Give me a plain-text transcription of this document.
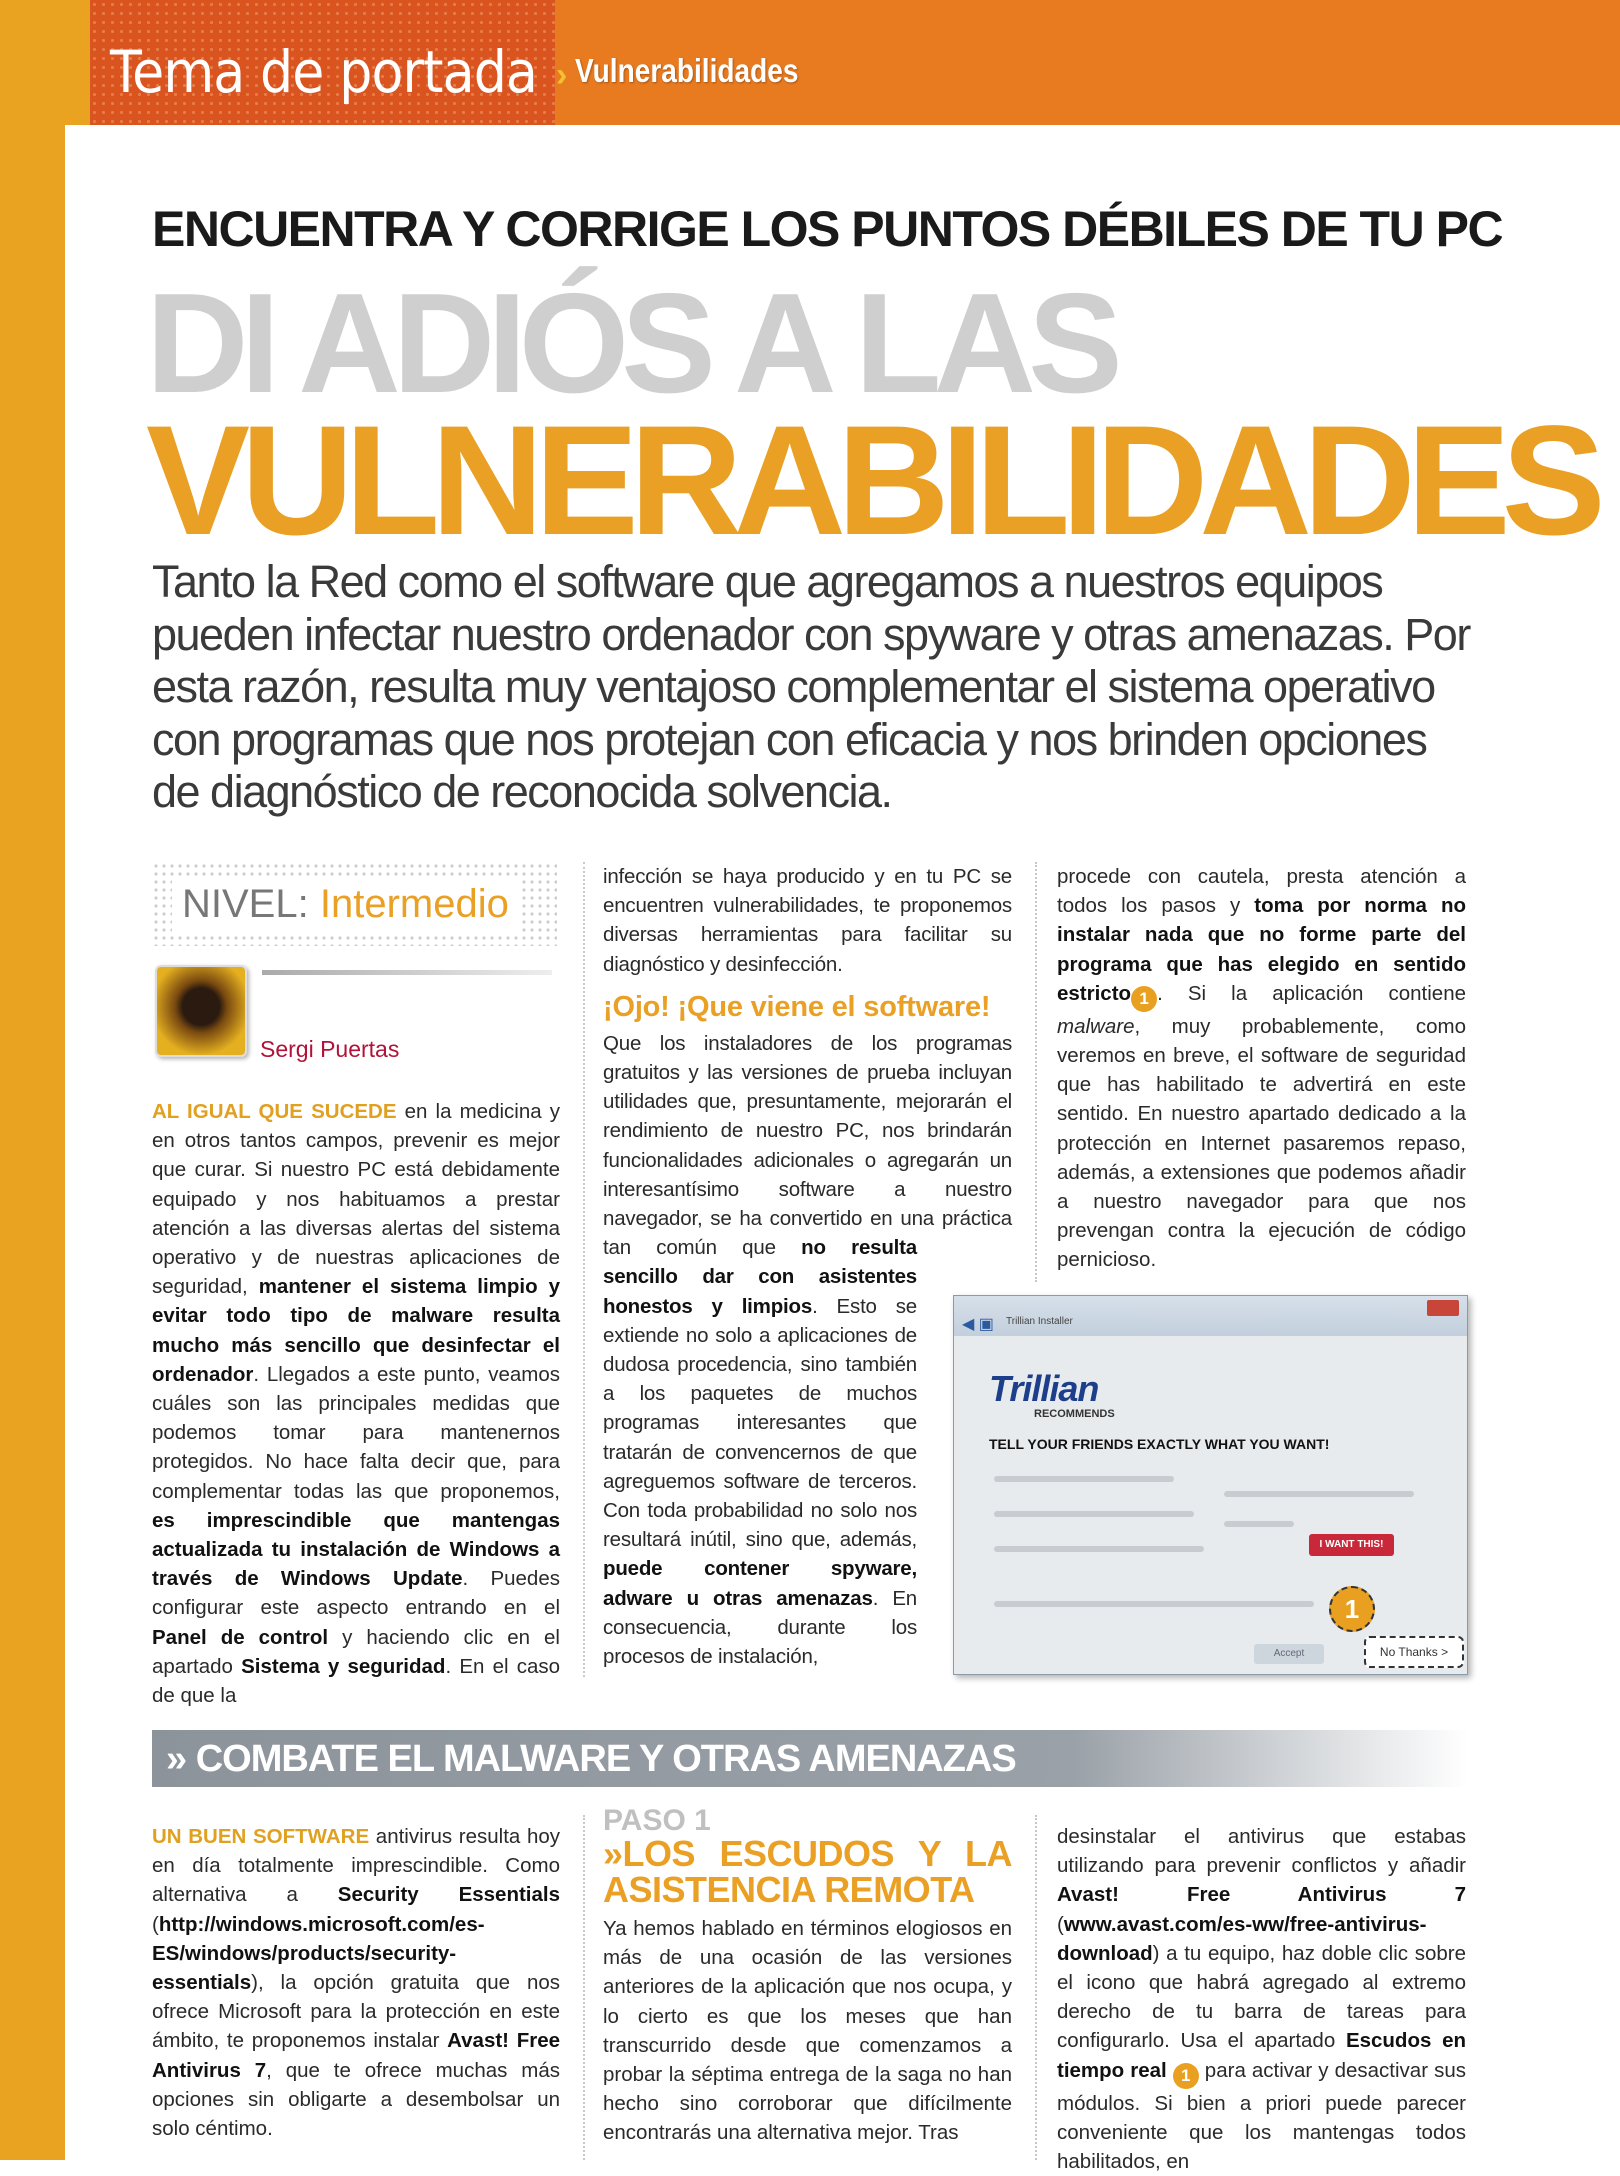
Tema de portada › Vulnerabilidades
ENCUENTRA Y CORRIGE LOS PUNTOS DÉBILES DE TU PC
DI ADIÓS A LAS
VULNERABILIDADES
Tanto la Red como el software que agregamos a nuestros equipos pueden infectar nuestro ordenador con spyware y otras amenazas. Por esta razón, resulta muy ventajoso complementar el sistema operativo con programas que nos protejan con eficacia y nos brinden opciones de diagnóstico de reconocida solvencia.
NIVEL: Intermedio
Sergi Puertas

AL IGUAL QUE SUCEDE en la medicina y en otros tantos campos, prevenir es mejor que curar. Si nuestro PC está debidamente equipado y nos habituamos a prestar atención a las diversas alertas del sistema operativo y de nuestras aplicaciones de seguridad, mantener el sistema limpio y evitar todo tipo de malware resulta mucho más sencillo que desinfectar el ordenador. Llegados a este punto, veamos cuáles son las principales medidas que podemos tomar para mantenernos protegidos. No hace falta decir que, para complementar todas las que proponemos, es imprescindible que mantengas actualizada tu instalación de Windows a través de Windows Update. Puedes configurar este aspecto entrando en el Panel de control y haciendo clic en el apartado Sistema y seguridad. En el caso de que la

infección se haya producido y en tu PC se encuentren vulnerabilidades, te proponemos diversas herramientas para facilitar su diagnóstico y desinfección.

¡Ojo! ¡Que viene el software!

Que los instaladores de los programas gratuitos y las versiones de prueba incluyan utilidades que, presuntamente, mejorarán el rendimiento de nuestro PC, nos brindarán funcionalidades adicionales o agregarán un interesantísimo software a nuestro navegador, se ha convertido en una práctica tan común que no resulta sencillo dar con asistentes honestos y limpios. Esto se extiende no solo a aplicaciones de dudosa procedencia, sino también a los paquetes de muchos programas interesantes que tratarán de convencernos de que agreguemos software de terceros. Con toda probabilidad no solo nos resultará inútil, sino que, además, puede contener spyware, adware u otras amenazas. En consecuencia, durante los procesos de instalación,

procede con cautela, presta atención a todos los pasos y toma por norma no instalar nada que no forme parte del programa que has elegido en sentido estricto 1 . Si la aplicación contiene malware, muy probablemente, como veremos en breve, el software de seguridad que has habilitado te advertirá en este sentido. En nuestro apartado dedicado a la protección en Internet pasaremos repaso, además, a extensiones que podemos añadir a nuestro navegador para que nos prevengan contra la ejecución de código pernicioso.

◀ ▣ Trillian Installer
Trillian
RECOMMENDS
TELL YOUR FRIENDS EXACTLY WHAT YOU WANT!
I WANT THIS!
Accept
1
No Thanks >
» COMBATE EL MALWARE Y OTRAS AMENAZAS

UN BUEN SOFTWARE antivirus resulta hoy en día totalmente imprescindible. Como alternativa a Security Essentials (http://windows.microsoft.com/es-ES/windows/products/security-essentials), la opción gratuita que nos ofrece Microsoft para la protección en este ámbito, te proponemos instalar Avast! Free Antivirus 7, que te ofrece muchas más opciones sin obligarte a desembolsar un solo céntimo.

PASO 1
»LOS ESCUDOS Y LA ASISTENCIA REMOTA

Ya hemos hablado en términos elogiosos en más de una ocasión de las versiones anteriores de la aplicación que nos ocupa, y lo cierto es que los meses que han transcurrido desde que comenzamos a probar la séptima entrega de la saga no han hecho sino corroborar que difícilmente encontrarás una alternativa mejor. Tras

desinstalar el antivirus que estabas utilizando para prevenir conflictos y añadir Avast! Free Antivirus 7 (www.avast.com/es-ww/free-antivirus-download) a tu equipo, haz doble clic sobre el icono que habrá agregado al extremo derecho de tu barra de tareas para configurarlo. Usa el apartado Escudos en tiempo real 1 para activar y desactivar sus módulos. Si bien a priori puede parecer conveniente que los mantengas todos habilitados, en
